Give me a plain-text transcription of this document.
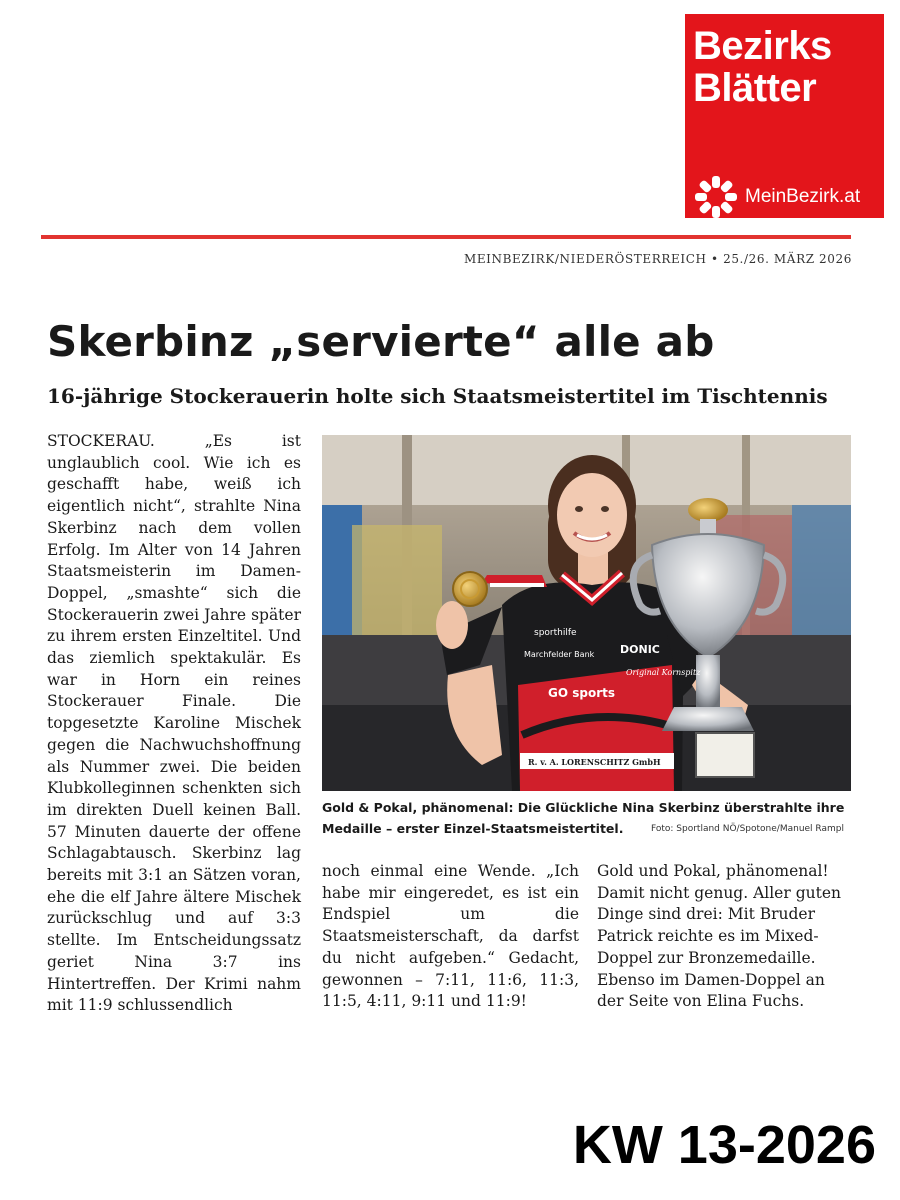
Bezirks
Blätter
MeinBezirk.at
MEINBEZIRK/NIEDERÖSTERREICH • 25./26. MÄRZ 2026
Skerbinz „servierte“ alle ab
16-jährige Stockerauerin holte sich Staatsmeistertitel im Tischtennis

STOCKERAU. „Es ist unglaublich cool. Wie ich es geschafft habe, weiß ich eigentlich nicht“, strahlte Nina Skerbinz nach dem vollen Erfolg. Im Alter von 14 Jahren Staatsmeisterin im Damen-Doppel, „smashte“ sich die Stockerauerin zwei Jahre später zu ihrem ersten Einzeltitel. Und das ziemlich spektakulär. Es war in Horn ein reines Stockerauer Finale. Die topgesetzte Karoline Mischek gegen die Nachwuchshoffnung als Nummer zwei. Die beiden Klubkolleginnen schenkten sich im direkten Duell keinen Ball. 57 Minuten dauerte der offene Schlagabtausch. Skerbinz lag bereits mit 3:1 an Sätzen voran, ehe die elf Jahre ältere Mischek zurückschlug und auf 3:3 stellte. Im Entscheidungssatz geriet Nina 3:7 ins Hintertreffen. Der Krimi nahm mit 11:9 schlussendlich

sporthilfe
Marchfelder Bank DONIC
Original Kornspitz
GO sports
R. v. A. LORENSCHITZ GmbH
Gold & Pokal, phänomenal: Die Glückliche Nina Skerbinz überstrahlte ihre Medaille – erster Einzel-Staatsmeistertitel.	Foto: Sportland NÖ/Spotone/Manuel Rampl

noch einmal eine Wende. „Ich habe mir eingeredet, es ist ein Endspiel um die Staatsmeisterschaft, da darfst du nicht aufgeben.“ Gedacht, gewonnen – 7:11, 11:6, 11:3, 11:5, 4:11, 9:11 und 11:9!

Gold und Pokal, phänomenal! Damit nicht genug. Aller guten Dinge sind drei: Mit Bruder Patrick reichte es im Mixed-Doppel zur Bronzemedaille. Ebenso im Damen-Doppel an der Seite von Elina Fuchs.

KW 13-2026
